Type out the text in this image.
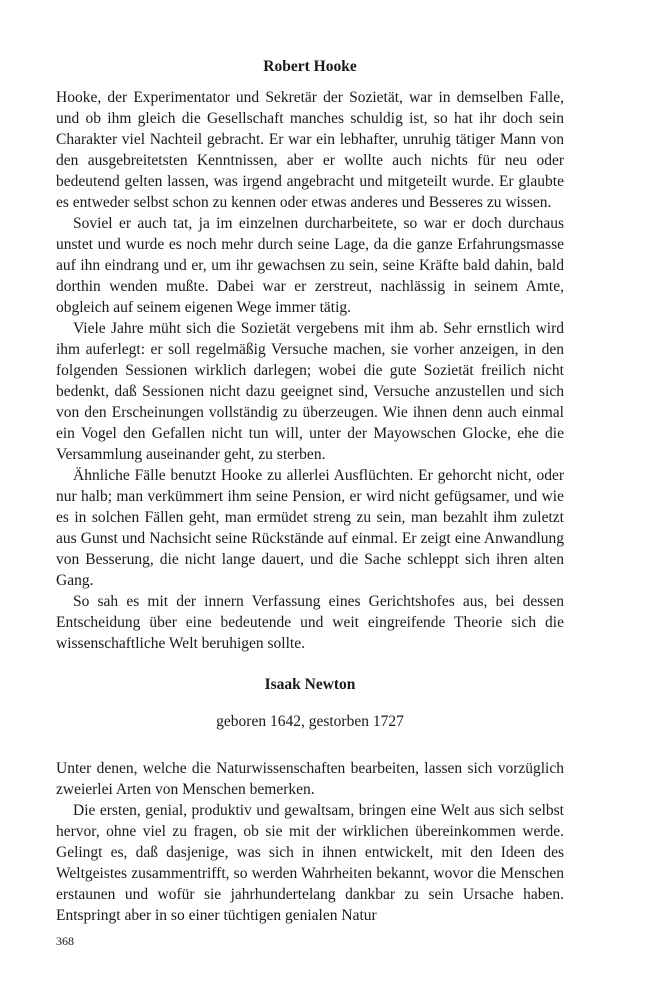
Robert Hooke

Hooke, der Experimentator und Sekretär der Sozietät, war in demselben Falle, und ob ihm gleich die Gesellschaft manches schuldig ist, so hat ihr doch sein Charakter viel Nachteil gebracht. Er war ein lebhafter, unruhig tätiger Mann von den ausgebreitetsten Kenntnissen, aber er wollte auch nichts für neu oder bedeutend gelten lassen, was irgend angebracht und mitgeteilt wurde. Er glaubte es entweder selbst schon zu kennen oder etwas anderes und Besseres zu wissen.

Soviel er auch tat, ja im einzelnen durcharbeitete, so war er doch durchaus unstet und wurde es noch mehr durch seine Lage, da die ganze Erfahrungsmasse auf ihn eindrang und er, um ihr gewachsen zu sein, seine Kräfte bald dahin, bald dorthin wenden mußte. Dabei war er zerstreut, nachlässig in seinem Amte, obgleich auf seinem eigenen Wege immer tätig.

Viele Jahre müht sich die Sozietät vergebens mit ihm ab. Sehr ernstlich wird ihm auferlegt: er soll regelmäßig Versuche machen, sie vorher anzeigen, in den folgenden Sessionen wirklich darlegen; wobei die gute Sozietät freilich nicht bedenkt, daß Sessionen nicht dazu geeignet sind, Versuche anzustellen und sich von den Erscheinungen vollständig zu überzeugen. Wie ihnen denn auch einmal ein Vogel den Gefallen nicht tun will, unter der Mayowschen Glocke, ehe die Versammlung auseinander geht, zu sterben.

Ähnliche Fälle benutzt Hooke zu allerlei Ausflüchten. Er gehorcht nicht, oder nur halb; man verkümmert ihm seine Pension, er wird nicht gefügsamer, und wie es in solchen Fällen geht, man ermüdet streng zu sein, man bezahlt ihm zuletzt aus Gunst und Nachsicht seine Rückstände auf einmal. Er zeigt eine Anwandlung von Besserung, die nicht lange dauert, und die Sache schleppt sich ihren alten Gang.

So sah es mit der innern Verfassung eines Gerichtshofes aus, bei dessen Entscheidung über eine bedeutende und weit eingreifende Theorie sich die wissenschaftliche Welt beruhigen sollte.

Isaak Newton
geboren 1642, gestorben 1727

Unter denen, welche die Naturwissenschaften bearbeiten, lassen sich vorzüglich zweierlei Arten von Menschen bemerken.

Die ersten, genial, produktiv und gewaltsam, bringen eine Welt aus sich selbst hervor, ohne viel zu fragen, ob sie mit der wirklichen übereinkommen werde. Gelingt es, daß dasjenige, was sich in ihnen entwickelt, mit den Ideen des Weltgeistes zusammentrifft, so werden Wahrheiten bekannt, wovor die Menschen erstaunen und wofür sie jahrhundertelang dankbar zu sein Ursache haben. Entspringt aber in so einer tüchtigen genialen Natur

368
